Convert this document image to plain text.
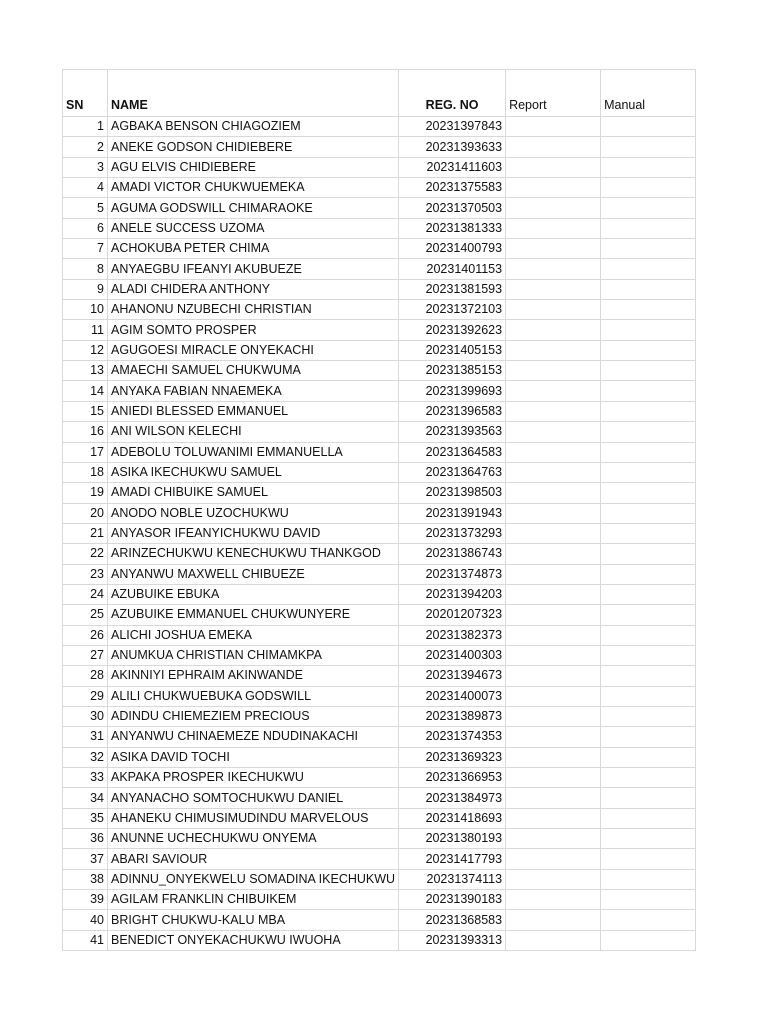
SN	NAME	REG. NO	Report	Manual
1	AGBAKA BENSON CHIAGOZIEM	20231397843		
2	ANEKE GODSON CHIDIEBERE	20231393633		
3	AGU ELVIS CHIDIEBERE	20231411603		
4	AMADI VICTOR CHUKWUEMEKA	20231375583		
5	AGUMA GODSWILL CHIMARAOKE	20231370503		
6	ANELE SUCCESS UZOMA	20231381333		
7	ACHOKUBA PETER CHIMA	20231400793		
8	ANYAEGBU IFEANYI AKUBUEZE	20231401153		
9	ALADI CHIDERA ANTHONY	20231381593		
10	AHANONU NZUBECHI CHRISTIAN	20231372103		
11	AGIM SOMTO PROSPER	20231392623		
12	AGUGOESI MIRACLE ONYEKACHI	20231405153		
13	AMAECHI SAMUEL CHUKWUMA	20231385153		
14	ANYAKA FABIAN NNAEMEKA	20231399693		
15	ANIEDI BLESSED EMMANUEL	20231396583		
16	ANI WILSON KELECHI	20231393563		
17	ADEBOLU TOLUWANIMI EMMANUELLA	20231364583		
18	ASIKA IKECHUKWU SAMUEL	20231364763		
19	AMADI CHIBUIKE SAMUEL	20231398503		
20	ANODO NOBLE UZOCHUKWU	20231391943		
21	ANYASOR IFEANYICHUKWU DAVID	20231373293		
22	ARINZECHUKWU KENECHUKWU THANKGOD	20231386743		
23	ANYANWU MAXWELL CHIBUEZE	20231374873		
24	AZUBUIKE EBUKA	20231394203		
25	AZUBUIKE EMMANUEL CHUKWUNYERE	20201207323		
26	ALICHI JOSHUA EMEKA	20231382373		
27	ANUMKUA CHRISTIAN CHIMAMKPA	20231400303		
28	AKINNIYI EPHRAIM AKINWANDE	20231394673		
29	ALILI CHUKWUEBUKA GODSWILL	20231400073		
30	ADINDU CHIEMEZIEM PRECIOUS	20231389873		
31	ANYANWU CHINAEMEZE NDUDINAKACHI	20231374353		
32	ASIKA DAVID TOCHI	20231369323		
33	AKPAKA PROSPER IKECHUKWU	20231366953		
34	ANYANACHO SOMTOCHUKWU DANIEL	20231384973		
35	AHANEKU CHIMUSIMUDINDU MARVELOUS	20231418693		
36	ANUNNE UCHECHUKWU ONYEMA	20231380193		
37	ABARI SAVIOUR	20231417793		
38	ADINNU_ONYEKWELU SOMADINA IKECHUKWU	20231374113		
39	AGILAM FRANKLIN CHIBUIKEM	20231390183		
40	BRIGHT CHUKWU-KALU MBA	20231368583		
41	BENEDICT ONYEKACHUKWU IWUOHA	20231393313		
